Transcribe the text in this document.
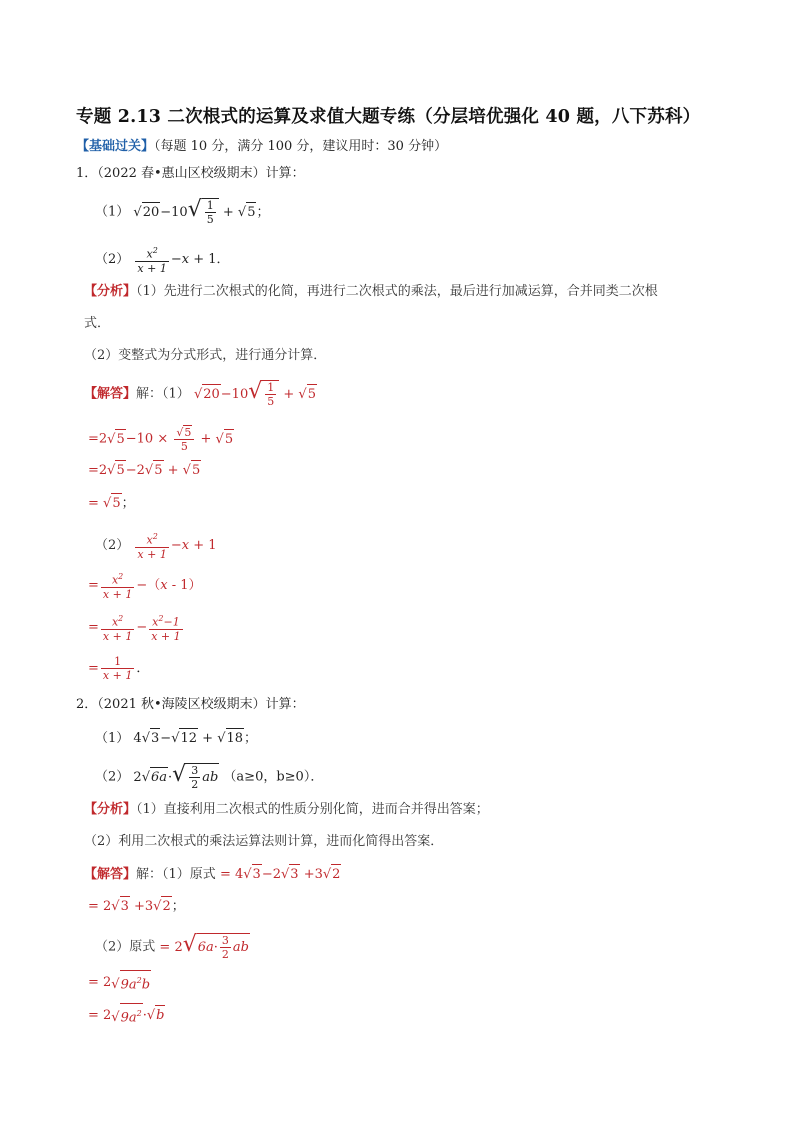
专题 2.13 二次根式的运算及求值大题专练（分层培优强化 40 题，八下苏科）
【基础过关】（每题 10 分，满分 100 分，建议用时：30 分钟）
1．（2022 春•惠山区校级期末）计算：
（1） $√20-10√ \frac{1}{5} + √5$；
$(2) \frac{x^2}{x + 1} -x + 1$．
【分析】（1）先进行二次根式的化简，再进行二次根式的乘法，最后进行加减运算，合并同类二次根
式．
（2）变整式为分式形式，进行通分计算．
【解答】解：（1） $√20-10√ \frac{1}{5} + √5$
$=2√5-10 \times \frac{√5}{5} + √5$
=2√5−2√5 + √5
= √5；
$(2) \frac{x^2}{x + 1} -x + 1$
= $\frac{x^2}{x + 1} -(x - 1)$
= $\frac{x^2}{x + 1} - \frac{x^2-1}{x + 1}$
= $\frac{1}{x + 1}$ ．
2．（2021 秋•海陵区校级期末）计算：
（1） 4√3−√12 + √18；
（2） $2√6a\cdot√ \frac{3}{2}$ ab （a≥0，b≥0）．
【分析】（1）直接利用二次根式的性质分别化简，进而合并得出答案；
（2）利用二次根式的乘法运算法则计算，进而化简得出答案．
【解答】解：（1）原式 = 4√3−2√3 +3√2
= 2√3 +3√2；
（2）原式 = $2√6a\cdot \frac{3}{2}$ ab
= $2√9a^2b$
= $2√9a^2\cdot√b$
